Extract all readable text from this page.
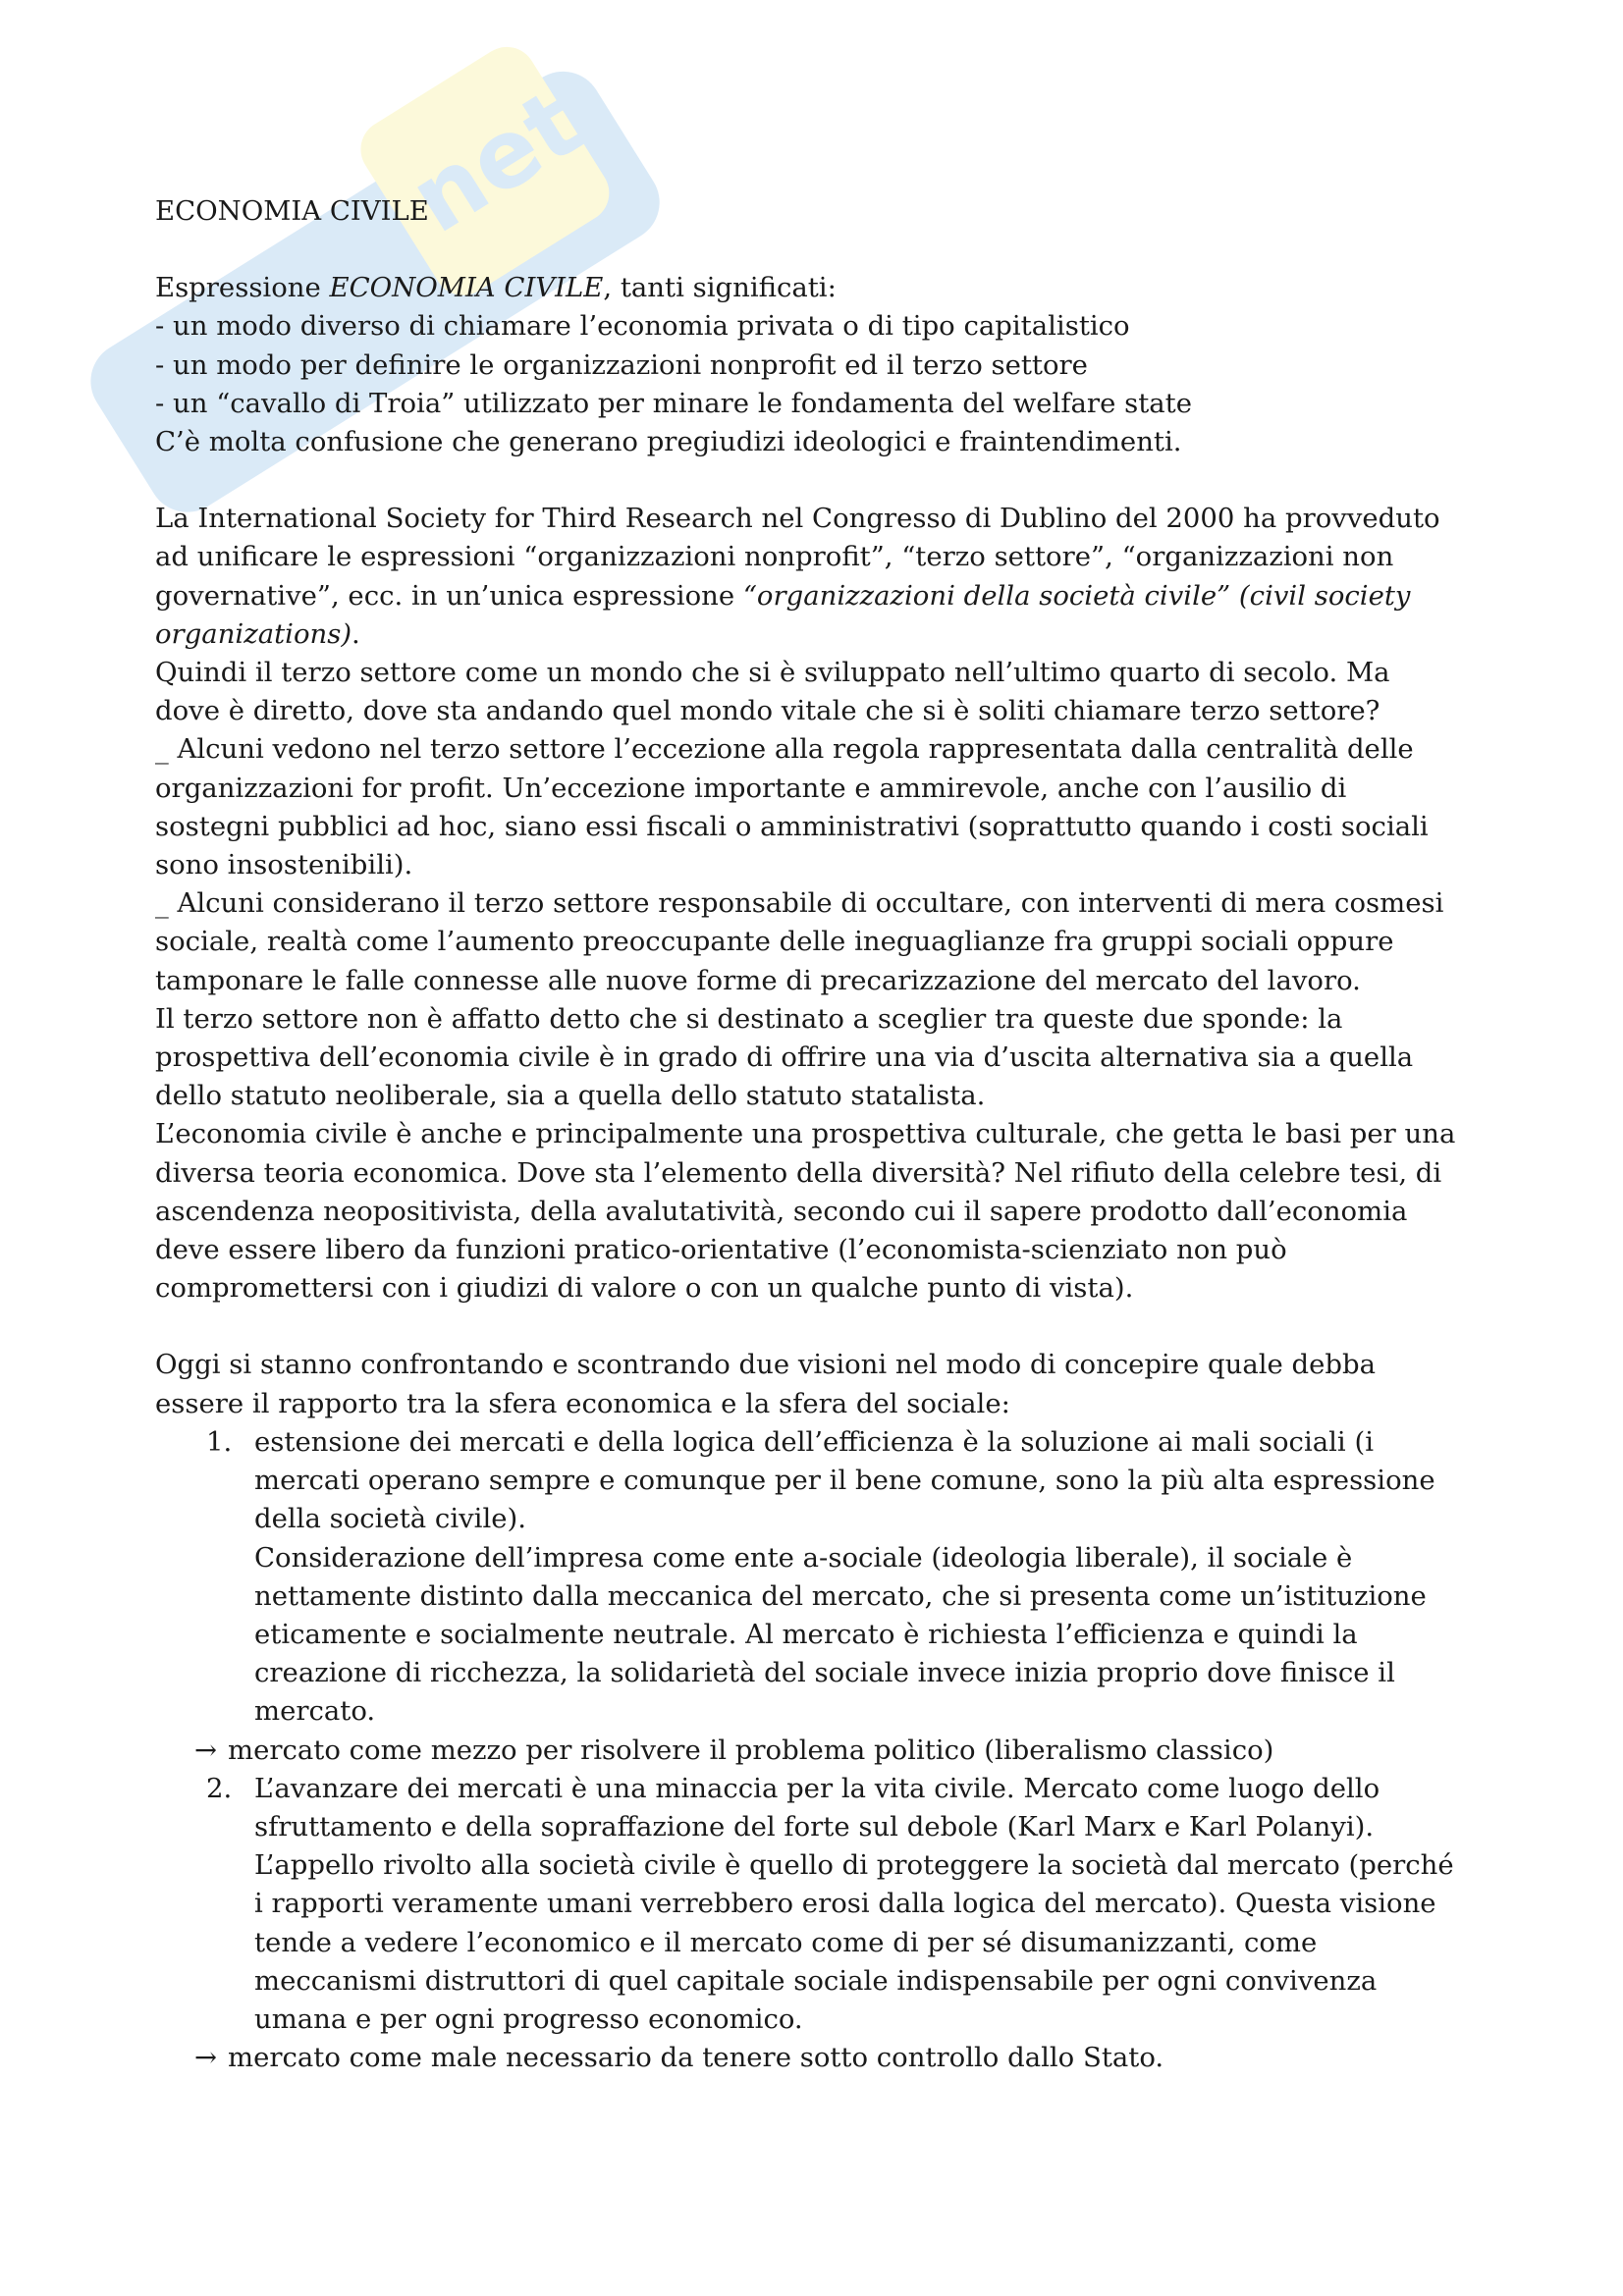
net

ECONOMIA CIVILE

Espressione ECONOMIA CIVILE, tanti significati:

- un modo diverso di chiamare l’economia privata o di tipo capitalistico

- un modo per definire le organizzazioni nonprofit ed il terzo settore

- un “cavallo di Troia” utilizzato per minare le fondamenta del welfare state

C’è molta confusione che generano pregiudizi ideologici e fraintendimenti.

La International Society for Third Research nel Congresso di Dublino del 2000 ha provveduto

ad unificare le espressioni “organizzazioni nonprofit”, “terzo settore”, “organizzazioni non

governative”, ecc. in un’unica espressione “organizzazioni della società civile” (civil society

organizations).

Quindi il terzo settore come un mondo che si è sviluppato nell’ultimo quarto di secolo. Ma

dove è diretto, dove sta andando quel mondo vitale che si è soliti chiamare terzo settore?

_ Alcuni vedono nel terzo settore l’eccezione alla regola rappresentata dalla centralità delle

organizzazioni for profit. Un’eccezione importante e ammirevole, anche con l’ausilio di

sostegni pubblici ad hoc, siano essi fiscali o amministrativi (soprattutto quando i costi sociali

sono insostenibili).

_ Alcuni considerano il terzo settore responsabile di occultare, con interventi di mera cosmesi

sociale, realtà come l’aumento preoccupante delle ineguaglianze fra gruppi sociali oppure

tamponare le falle connesse alle nuove forme di precarizzazione del mercato del lavoro.

Il terzo settore non è affatto detto che si destinato a sceglier tra queste due sponde: la

prospettiva dell’economia civile è in grado di offrire una via d’uscita alternativa sia a quella

dello statuto neoliberale, sia a quella dello statuto statalista.

L’economia civile è anche e principalmente una prospettiva culturale, che getta le basi per una

diversa teoria economica. Dove sta l’elemento della diversità? Nel rifiuto della celebre tesi, di

ascendenza neopositivista, della avalutatività, secondo cui il sapere prodotto dall’economia

deve essere libero da funzioni pratico-orientative (l’economista-scienziato non può

compromettersi con i giudizi di valore o con un qualche punto di vista).

Oggi si stanno confrontando e scontrando due visioni nel modo di concepire quale debba

essere il rapporto tra la sfera economica e la sfera del sociale:

1. estensione dei mercati e della logica dell’efficienza è la soluzione ai mali sociali (i

mercati operano sempre e comunque per il bene comune, sono la più alta espressione

della società civile).

Considerazione dell’impresa come ente a-sociale (ideologia liberale), il sociale è

nettamente distinto dalla meccanica del mercato, che si presenta come un’istituzione

eticamente e socialmente neutrale. Al mercato è richiesta l’efficienza e quindi la

creazione di ricchezza, la solidarietà del sociale invece inizia proprio dove finisce il

mercato.

→ mercato come mezzo per risolvere il problema politico (liberalismo classico)

2. L’avanzare dei mercati è una minaccia per la vita civile. Mercato come luogo dello

sfruttamento e della sopraffazione del forte sul debole (Karl Marx e Karl Polanyi).

L’appello rivolto alla società civile è quello di proteggere la società dal mercato (perché

i rapporti veramente umani verrebbero erosi dalla logica del mercato). Questa visione

tende a vedere l’economico e il mercato come di per sé disumanizzanti, come

meccanismi distruttori di quel capitale sociale indispensabile per ogni convivenza

umana e per ogni progresso economico.

→ mercato come male necessario da tenere sotto controllo dallo Stato.
